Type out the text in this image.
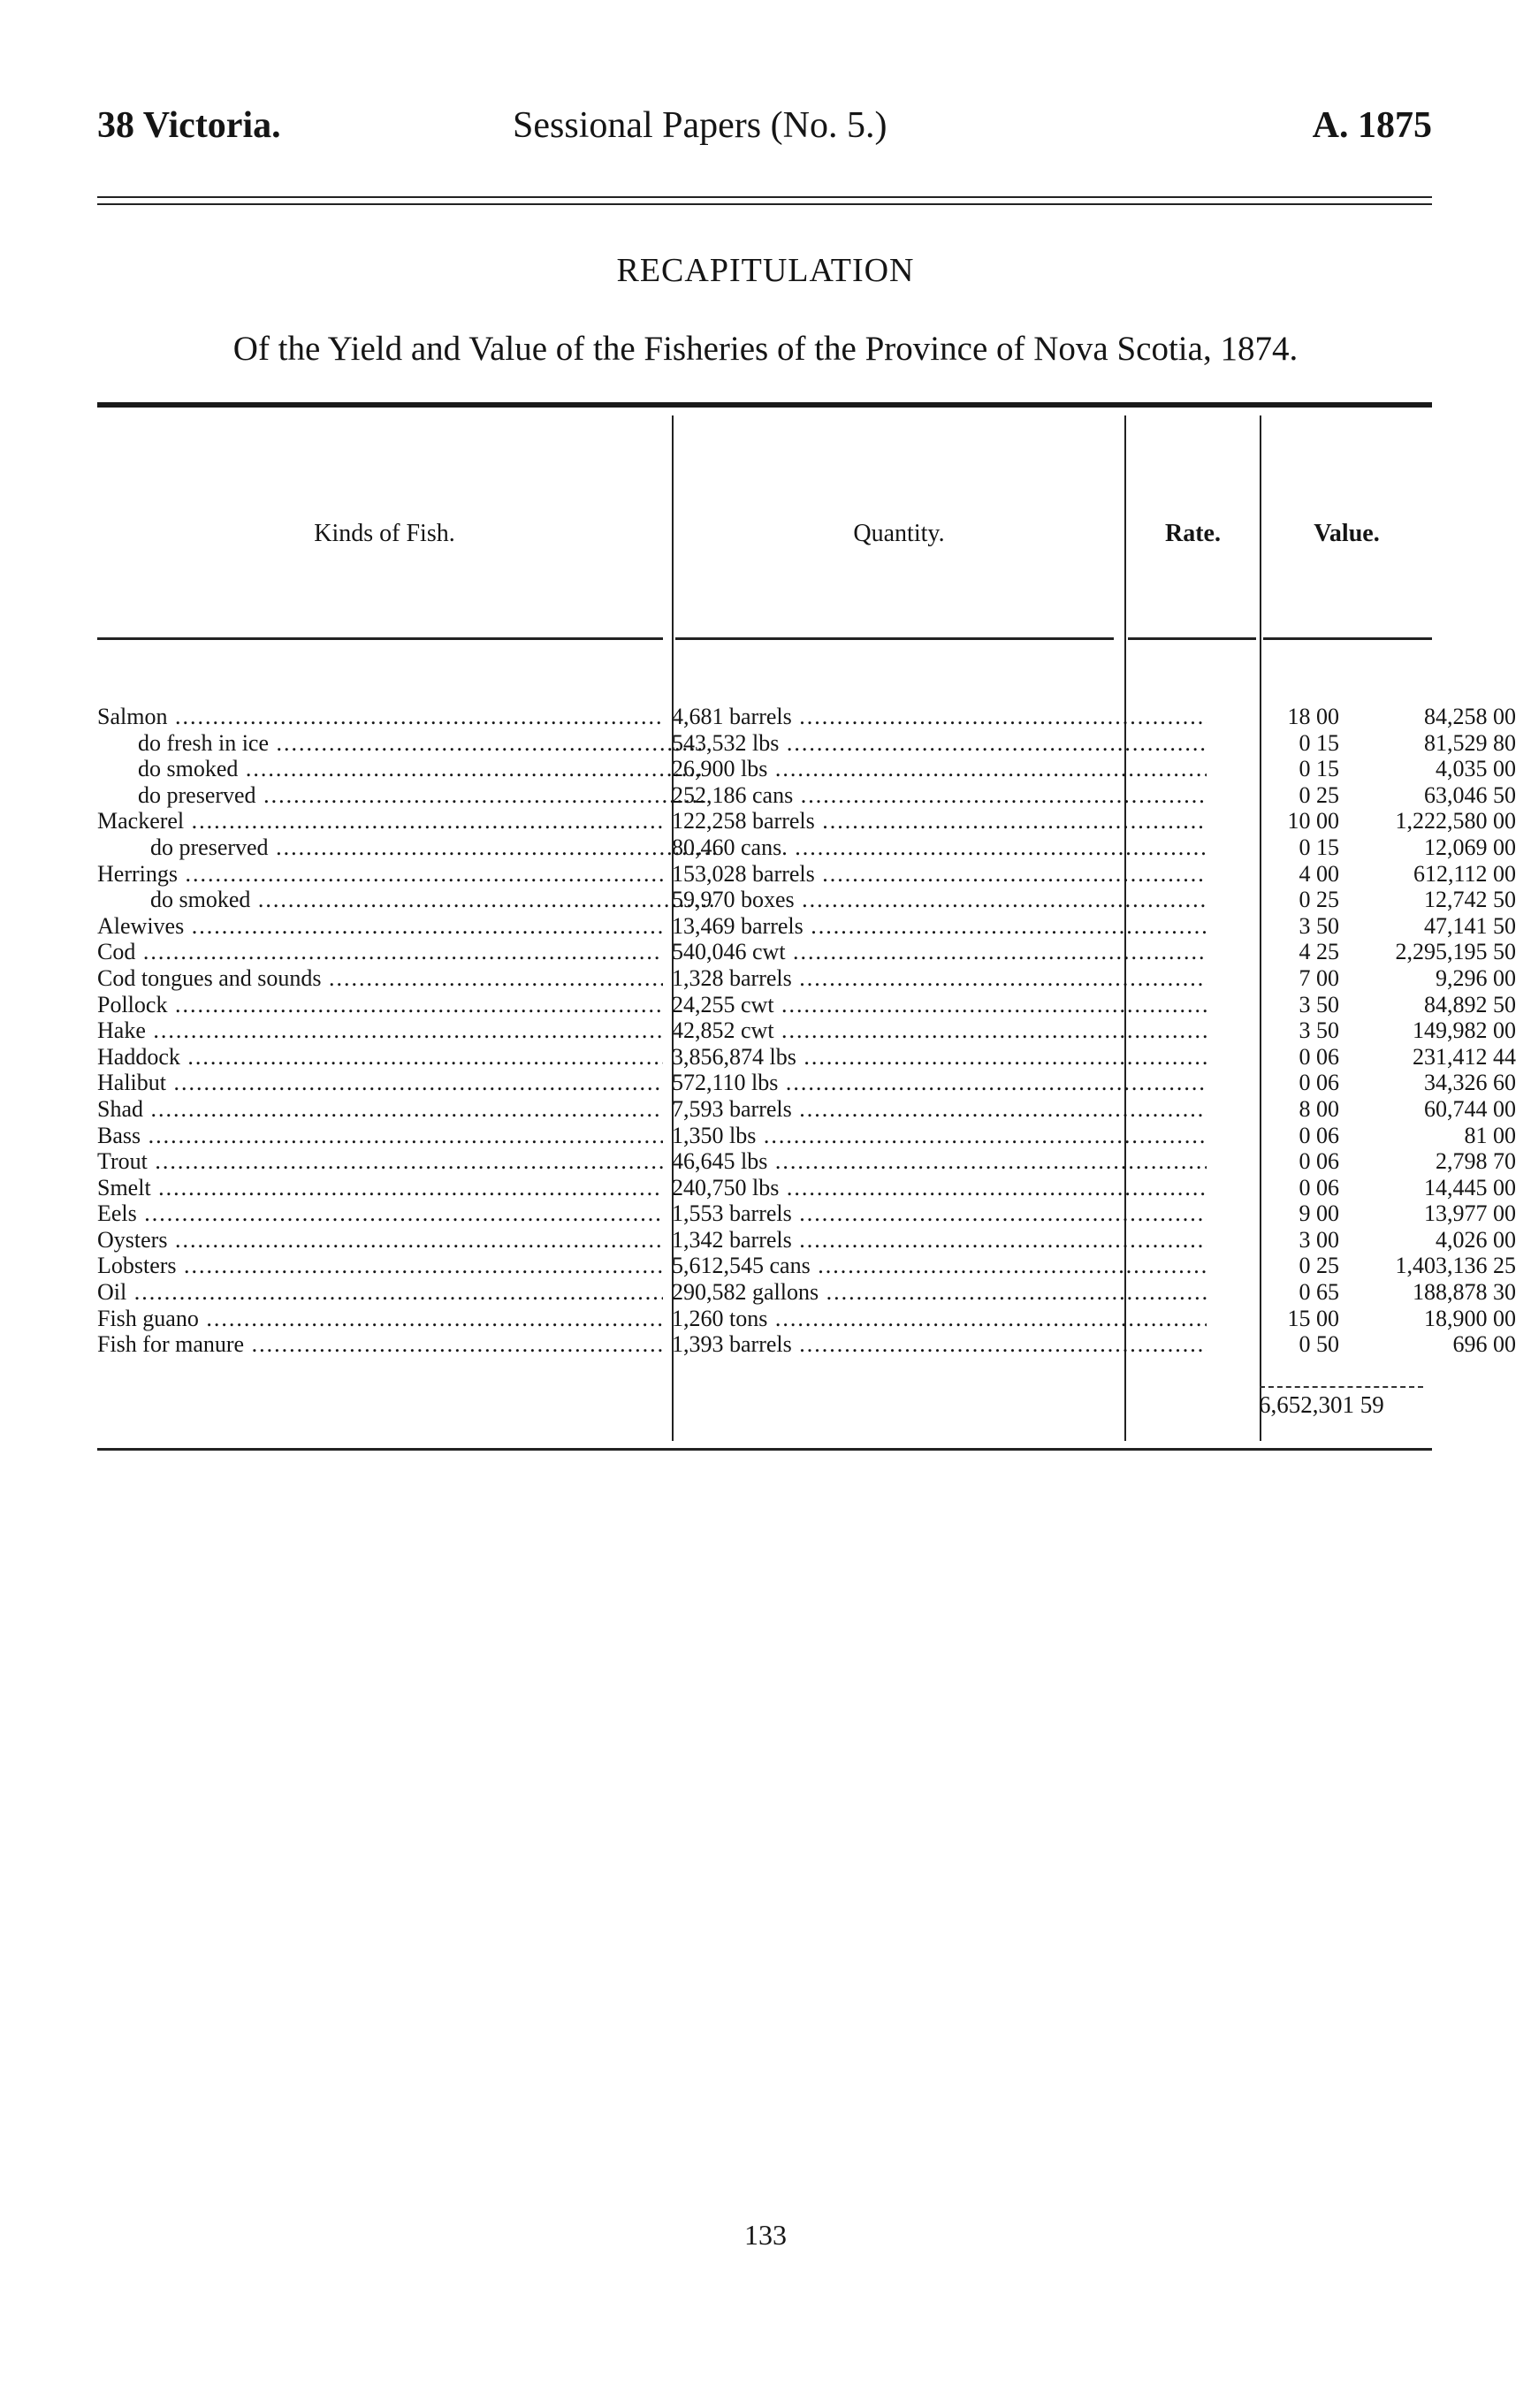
38 Victoria.	Sessional Papers (No. 5.)	A. 1875
RECAPITULATION
Of the Yield and Value of the Fisheries of the Province of Nova Scotia, 1874.
Kinds of Fish.	Quantity.	Rate.	Value.
Salmon .....	4,681 barrels .....	18 00	84,258 00
do fresh in ice .....	543,532 lbs .....	0 15	81,529 80
do smoked .....	26,900 lbs .....	0 15	4,035 00
do preserved .....	252,186 cans .....	0 25	63,046 50
Mackerel .....	122,258 barrels .....	10 00	1,222,580 00
do preserved .....	80,460 cans. .....	0 15	12,069 00
Herrings .....	153,028 barrels .....	4 00	612,112 00
do smoked .....	59,970 boxes .....	0 25	12,742 50
Alewives .....	13,469 barrels .....	3 50	47,141 50
Cod .....	540,046 cwt .....	4 25	2,295,195 50
Cod tongues and sounds .....	1,328 barrels .....	7 00	9,296 00
Pollock .....	24,255 cwt .....	3 50	84,892 50
Hake .....	42,852 cwt .....	3 50	149,982 00
Haddock .....	3,856,874 lbs .....	0 06	231,412 44
Halibut .....	572,110 lbs .....	0 06	34,326 60
Shad .....	7,593 barrels .....	8 00	60,744 00
Bass .....	1,350 lbs .....	0 06	81 00
Trout .....	46,645 lbs .....	0 06	2,798 70
Smelt .....	240,750 lbs .....	0 06	14,445 00
Eels .....	1,553 barrels .....	9 00	13,977 00
Oysters .....	1,342 barrels .....	3 00	4,026 00
Lobsters .....	5,612,545 cans .....	0 25	1,403,136 25
Oil .....	290,582 gallons .....	0 65	188,878 30
Fish guano .....	1,260 tons .....	15 00	18,900 00
Fish for manure .....	1,393 barrels .....	0 50	696 00
6,652,301 59
133
